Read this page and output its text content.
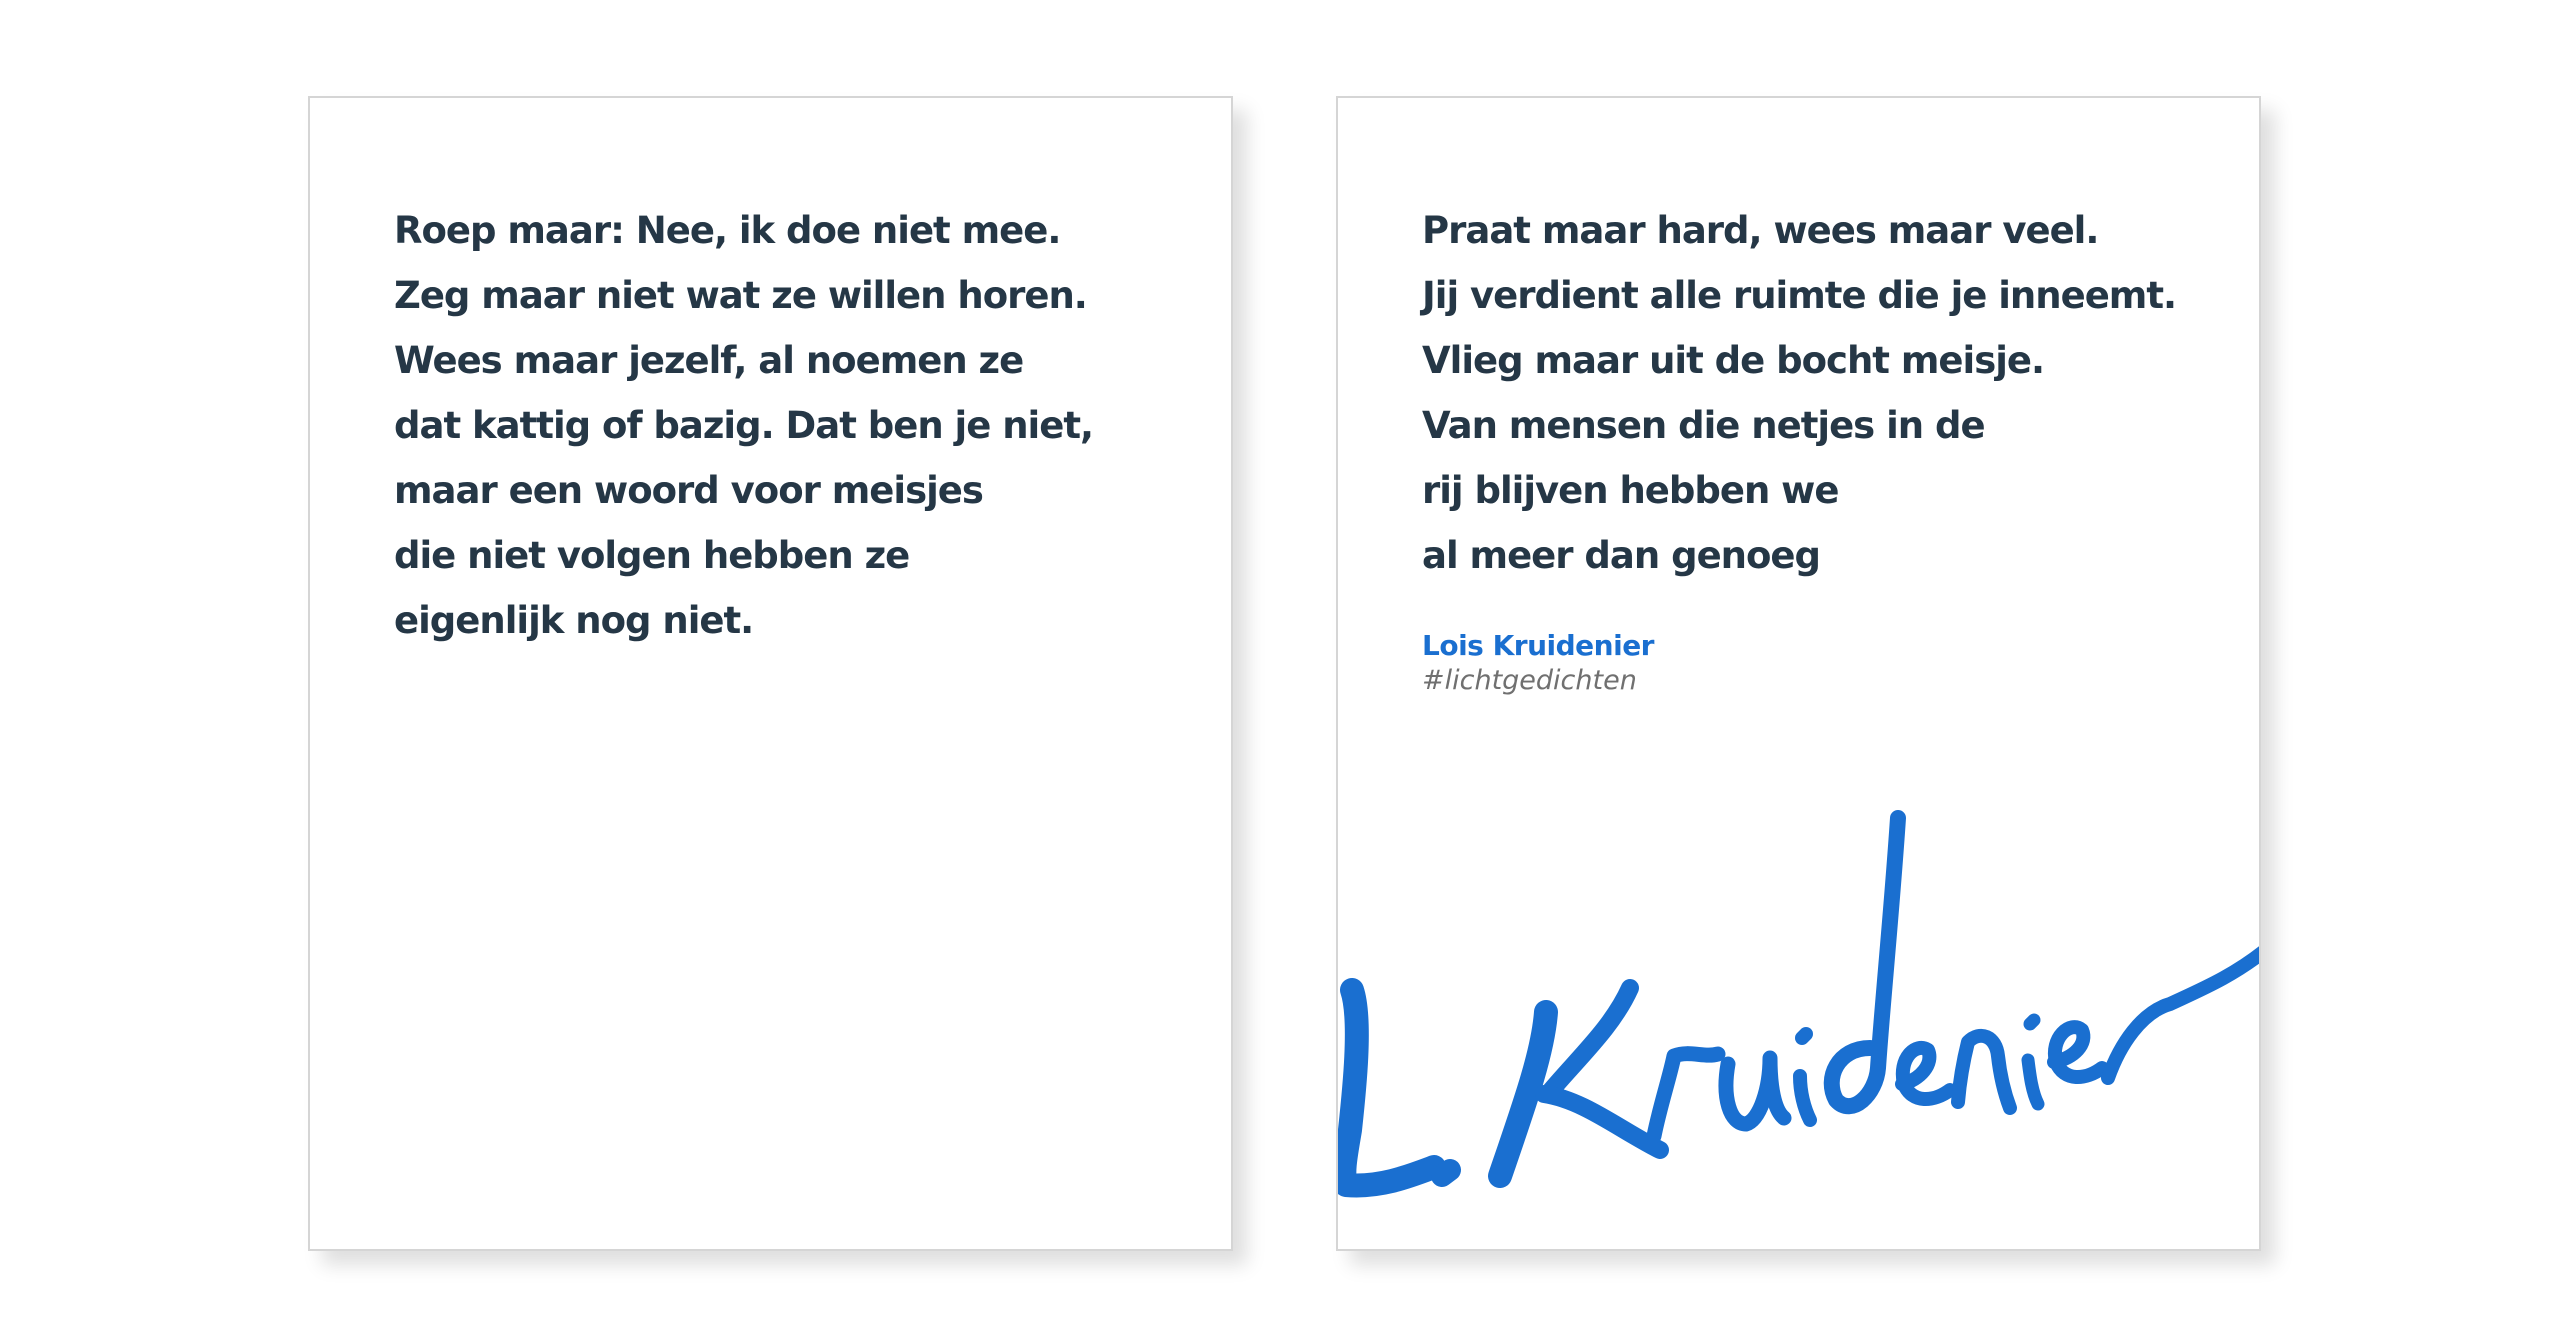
Roep maar: Nee, ik doe niet mee.
Zeg maar niet wat ze willen horen.
Wees maar jezelf, al noemen ze
dat kattig of bazig. Dat ben je niet,
maar een woord voor meisjes
die niet volgen hebben ze
eigenlijk nog niet.
Praat maar hard, wees maar veel.
Jij verdient alle ruimte die je inneemt.
Vlieg maar uit de bocht meisje.
Van mensen die netjes in de
rij blijven hebben we
al meer dan genoeg
Lois Kruidenier
#lichtgedichten
